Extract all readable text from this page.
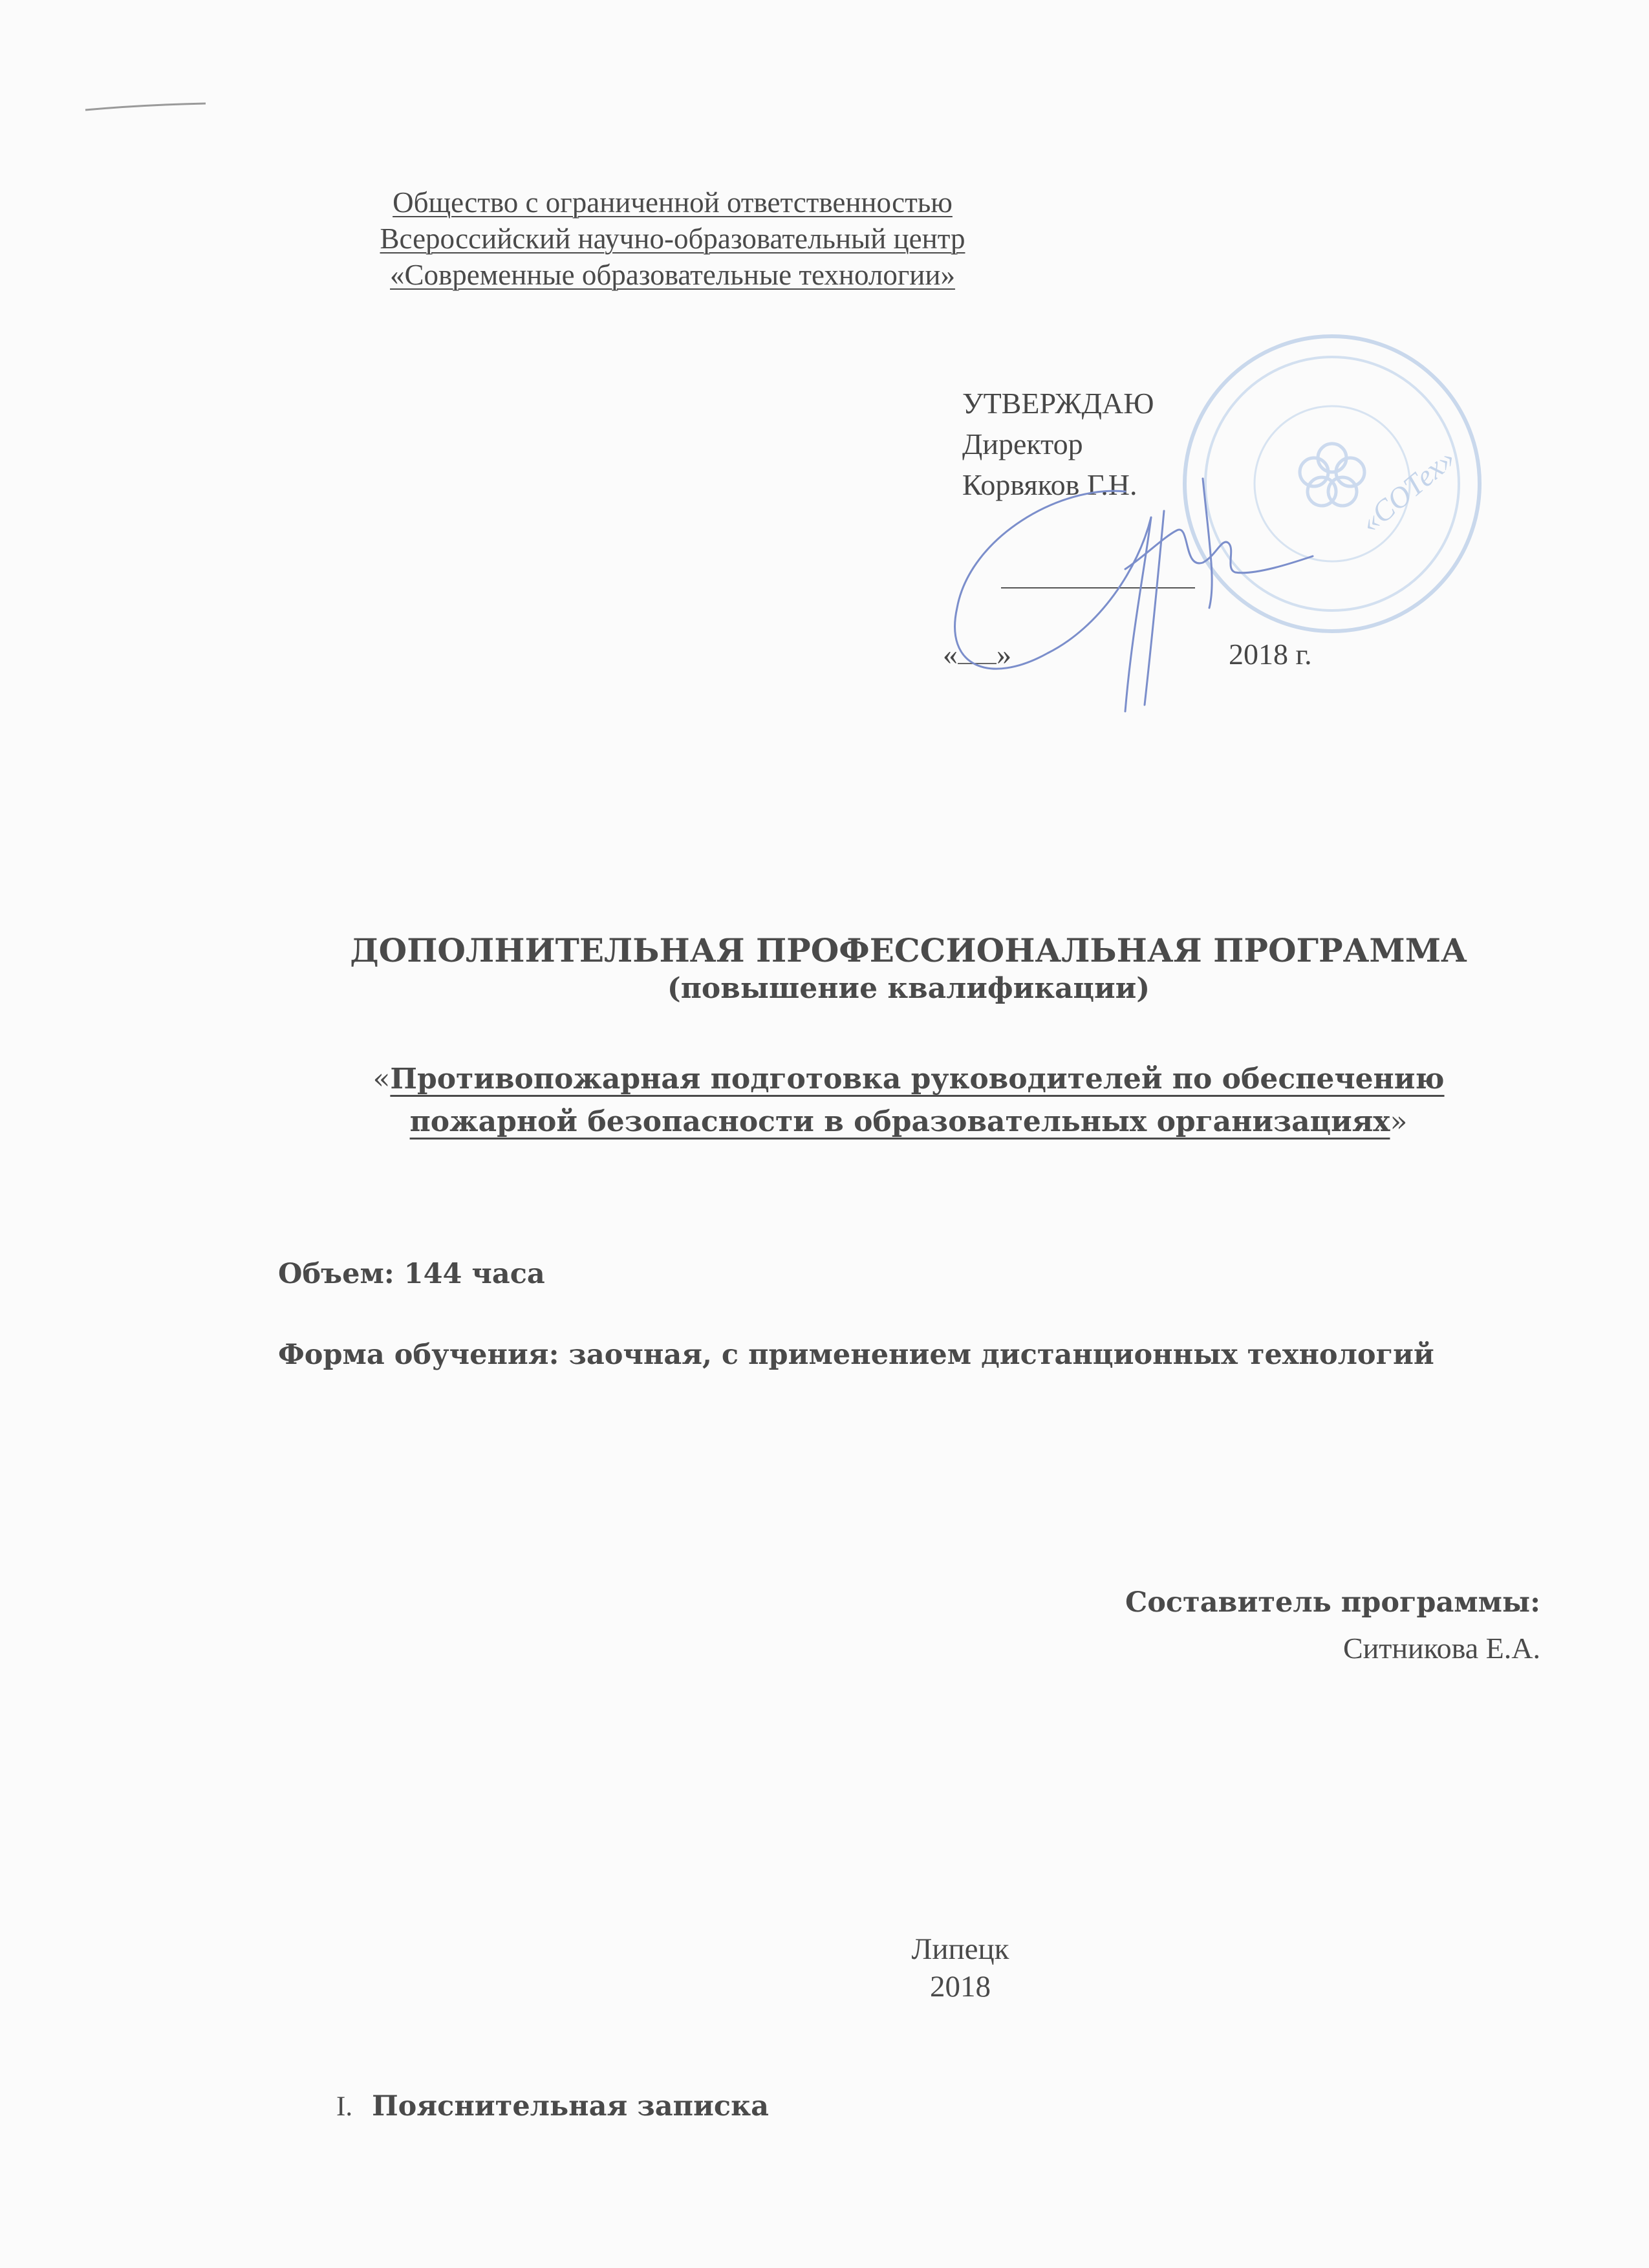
Общество с ограниченной ответственностью
Всероссийский научно-образовательный центр
«Современные образовательные технологии»
«СОТех»
УТВЕРЖДАЮ
Директор
Корвяков Г.Н.
« »	2018 г.
ДОПОЛНИТЕЛЬНАЯ ПРОФЕССИОНАЛЬНАЯ ПРОГРАММА
(повышение квалификации)
«Противопожарная подготовка руководителей по обеспечению
пожарной безопасности в образовательных организациях»
Объем: 144 часа
Форма обучения: заочная, с применением дистанционных технологий
Составитель программы:
Ситникова Е.А.
Липецк
2018
I. Пояснительная записка
